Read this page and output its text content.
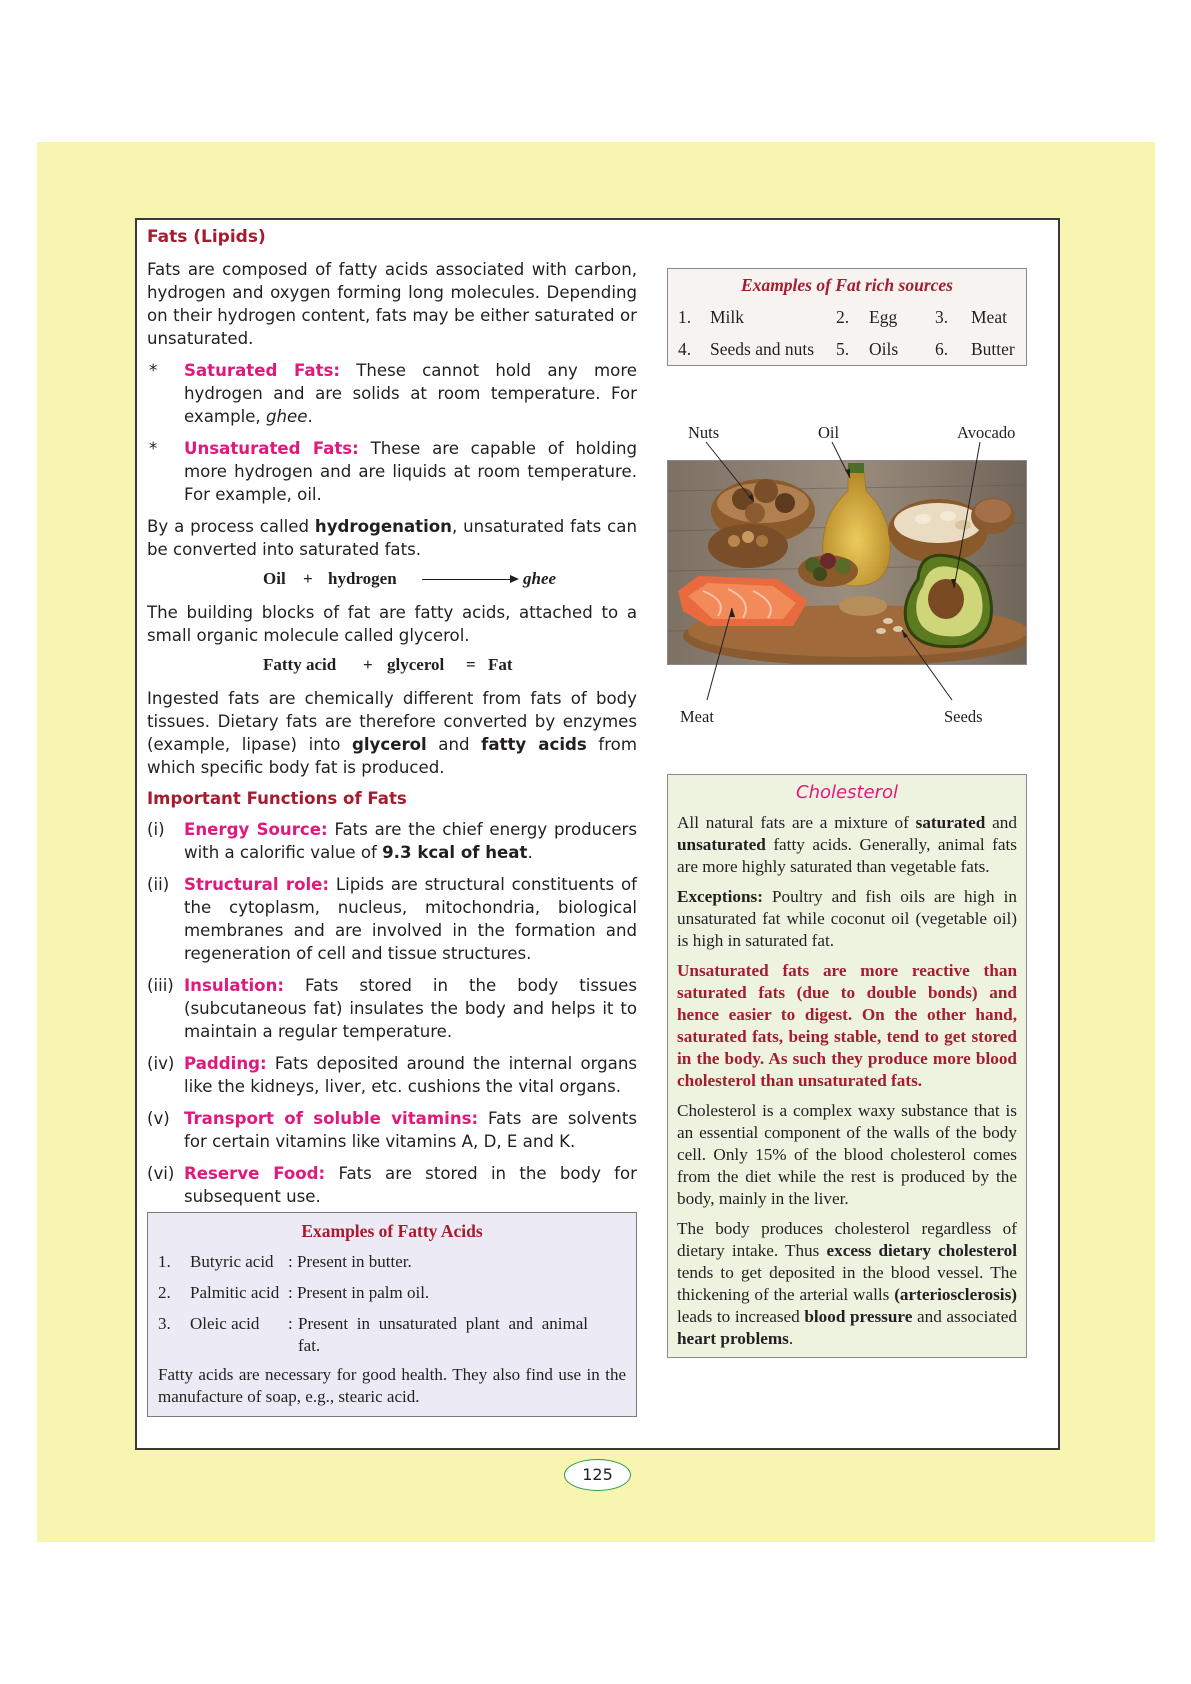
Fats (Lipids)

Fats are composed of fatty acids associated with carbon, hydrogen and oxygen forming long molecules. Depending on their hydrogen content, fats may be either saturated or unsaturated.

* Saturated Fats: These cannot hold any more hydrogen and are solids at room temperature. For example, ghee.
* Unsaturated Fats: These are capable of holding more hydrogen and are liquids at room temperature. For example, oil.

By a process called hydrogenation, unsaturated fats can be converted into saturated fats.

Oil + hydrogen	ghee

The building blocks of fat are fatty acids, attached to a small organic molecule called glycerol.

Fatty acid + glycerol = Fat

Ingested fats are chemically different from fats of body tissues. Dietary fats are therefore converted by enzymes (example, lipase) into glycerol and fatty acids from which specific body fat is produced.

Important Functions of Fats
(i) Energy Source: Fats are the chief energy producers with a calorific value of 9.3 kcal of heat.
(ii) Structural role: Lipids are structural constituents of the cytoplasm, nucleus, mitochondria, biological membranes and are involved in the formation and regeneration of cell and tissue structures.
(iii) Insulation: Fats stored in the body tissues (subcutaneous fat) insulates the body and helps it to maintain a regular temperature.
(iv) Padding: Fats deposited around the internal organs like the kidneys, liver, etc. cushions the vital organs.
(v) Transport of soluble vitamins: Fats are solvents for certain vitamins like vitamins A, D, E and K.
(vi) Reserve Food: Fats are stored in the body for subsequent use.
Examples of Fatty Acids
1. Butyric acid : Present in butter.
2. Palmitic acid : Present in palm oil.
3. Oleic acid : Present in unsaturated plant and animal fat.

Fatty acids are necessary for good health. They also find use in the manufacture of soap, e.g., stearic acid.

Examples of Fat rich sources
1. Milk	2. Egg 3. Meat
4. Seeds and nuts 5. Oils 6. Butter
Nuts	Oil	Avocado
Meat	Seeds
Cholesterol

All natural fats are a mixture of saturated and unsaturated fatty acids. Generally, animal fats are more highly saturated than vegetable fats.

Exceptions: Poultry and fish oils are high in unsaturated fat while coconut oil (vegetable oil) is high in saturated fat.

Unsaturated fats are more reactive than saturated fats (due to double bonds) and hence easier to digest. On the other hand, saturated fats, being stable, tend to get stored in the body. As such they produce more blood cholesterol than unsaturated fats.

Cholesterol is a complex waxy substance that is an essential component of the walls of the body cell. Only 15% of the blood cholesterol comes from the diet while the rest is produced by the body, mainly in the liver.

The body produces cholesterol regardless of dietary intake. Thus excess dietary cholesterol tends to get deposited in the blood vessel. The thickening of the arterial walls (arteriosclerosis) leads to increased blood pressure and associated heart problems.

125
